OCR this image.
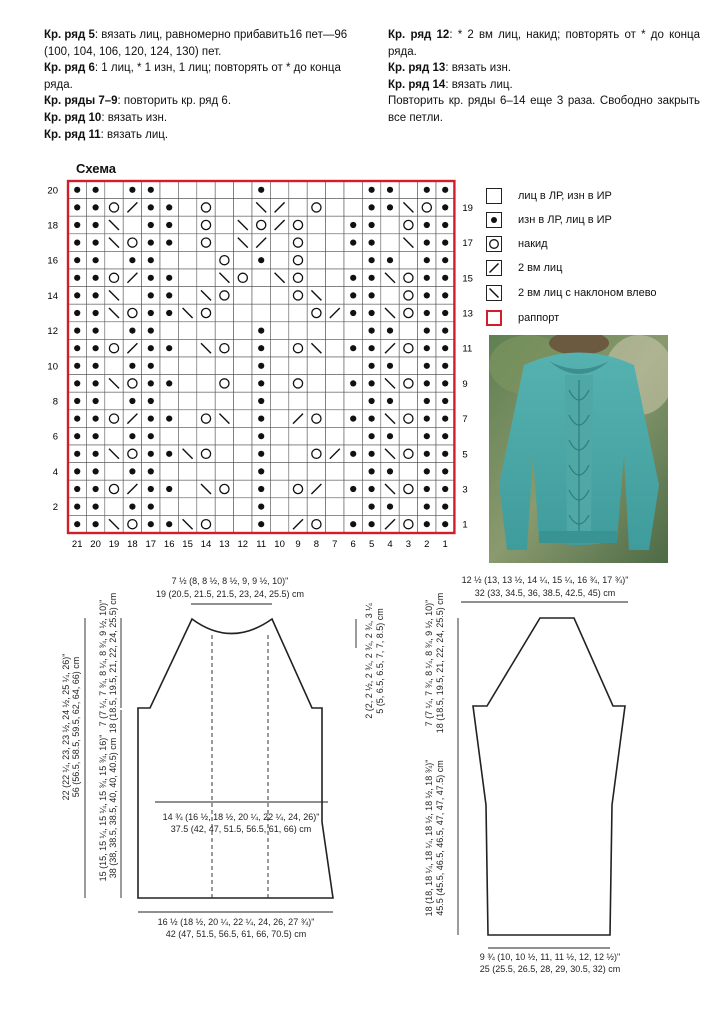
Кр. ряд 5: вязать лиц, равномерно прибавить16 пет—96 (100, 104, 106, 120, 124, 130) пет.

Кр. ряд 6: 1 лиц, * 1 изн, 1 лиц; повторять от * до конца ряда.

Кр. ряды 7–9: повторить кр. ряд 6.

Кр. ряд 10: вязать изн.

Кр. ряд 11: вязать лиц.

Кр. ряд 12: * 2 вм лиц, накид; повторять от * до конца ряда.

Кр. ряд 13: вязать изн.

Кр. ряд 14: вязать лиц.

Повторить кр. ряды 6–14 еще 3 раза. Свободно закрыть все петли.

Схема
21 20 19 18 17 16 15 14 13 12 11 10 9 8 7 6 5 4 3 2 1
20
18
16
14
12
10
8
6
4
2
19
17
15
13
11
9
7
5
3
1
лиц в ЛР, изн в ИР
изн в ЛР, лиц в ИР
накид
2 вм лиц
2 вм лиц с наклоном влево
раппорт
7 ½ (8, 8 ½, 8 ½, 9, 9 ½, 10)"
19 (20.5, 21.5, 21.5, 23, 24, 25.5) cm
2 (2, 2 ½, 2 ¾, 2 ¾, 2 ¾, 3 ¼ 5 (5, 6.5, 6.5, 7, 7, 8.5) cm
7 (7 ¼, 7 ¾, 8 ¼, 8 ¾, 9 ½, 10)" 18 (18.5, 19.5, 21, 22, 24, 25.5) cm
22 (22 ¼, 23, 23 ½, 24 ½, 25 ¼, 26)" 56 (56.5, 58.5, 59.5, 62, 64, 66) cm
15 (15, 15 ¼, 15 ¼, 15 ¾, 15 ¾, 16)" 38 (38, 38.5, 38.5, 40, 40, 40.5) cm	14 ¾ (16 ½, 18 ½, 20 ¼, 22 ¼, 24, 26)"
37.5 (42, 47, 51.5, 56.5, 61, 66) cm
16 ½ (18 ½, 20 ¼, 22 ¼, 24, 26, 27 ¾)"
42 (47, 51.5, 56.5, 61, 66, 70.5) cm
12 ½ (13, 13 ½, 14 ¼, 15 ¼, 16 ¾, 17 ¾)"
32 (33, 34.5, 36, 38.5, 42.5, 45) cm
7 (7 ¼, 7 ¾, 8 ¼, 8 ¾, 9 ½, 10)" 18 (18.5, 19.5, 21, 22, 24, 25.5) cm
18 (18, 18 ¼, 18 ¼, 18 ½, 18 ½, 18 ¾)" 45.5 (45.5, 46.5, 46.5, 47, 47, 47.5) cm
9 ¾ (10, 10 ½, 11, 11 ½, 12, 12 ½)"
25 (25.5, 26.5, 28, 29, 30.5, 32) cm
